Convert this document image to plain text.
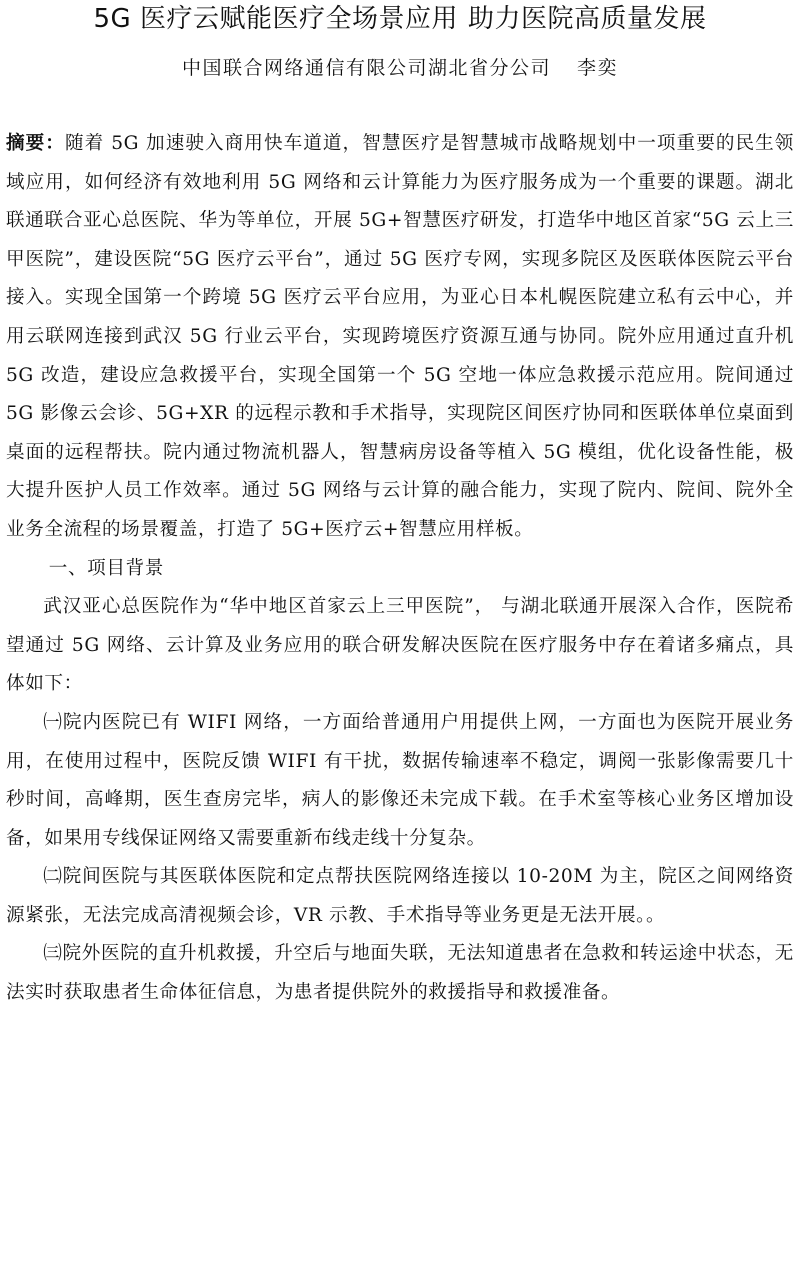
5G 医疗云赋能医疗全场景应用 助力医院高质量发展
中国联合网络通信有限公司湖北省分公司 李奕

摘要：随着 5G 加速驶入商用快车道道，智慧医疗是智慧城市战略规划中一项重要的民生领域应用，如何经济有效地利用 5G 网络和云计算能力为医疗服务成为一个重要的课题。湖北联通联合亚心总医院、华为等单位，开展 5G+智慧医疗研发，打造华中地区首家“5G 云上三甲医院”，建设医院“5G 医疗云平台”，通过 5G 医疗专网，实现多院区及医联体医院云平台接入。实现全国第一个跨境 5G 医疗云平台应用，为亚心日本札幌医院建立私有云中心，并用云联网连接到武汉 5G 行业云平台，实现跨境医疗资源互通与协同。院外应用通过直升机 5G 改造，建设应急救援平台，实现全国第一个 5G 空地一体应急救援示范应用。院间通过 5G 影像云会诊、5G+XR 的远程示教和手术指导，实现院区间医疗协同和医联体单位桌面到桌面的远程帮扶。院内通过物流机器人，智慧病房设备等植入 5G 模组，优化设备性能，极大提升医护人员工作效率。通过 5G 网络与云计算的融合能力，实现了院内、院间、院外全业务全流程的场景覆盖，打造了 5G+医疗云+智慧应用样板。

一、项目背景

武汉亚心总医院作为“华中地区首家云上三甲医院”， 与湖北联通开展深入合作，医院希望通过 5G 网络、云计算及业务应用的联合研发解决医院在医疗服务中存在着诸多痛点，具体如下：

㈠院内医院已有 WIFI 网络，一方面给普通用户用提供上网，一方面也为医院开展业务用，在使用过程中，医院反馈 WIFI 有干扰，数据传输速率不稳定，调阅一张影像需要几十秒时间，高峰期，医生查房完毕，病人的影像还未完成下载。在手术室等核心业务区增加设备，如果用专线保证网络又需要重新布线走线十分复杂。

㈡院间医院与其医联体医院和定点帮扶医院网络连接以 10-20M 为主，院区之间网络资源紧张，无法完成高清视频会诊，VR 示教、手术指导等业务更是无法开展。。

㈢院外医院的直升机救援，升空后与地面失联，无法知道患者在急救和转运途中状态，无法实时获取患者生命体征信息，为患者提供院外的救援指导和救援准备。
